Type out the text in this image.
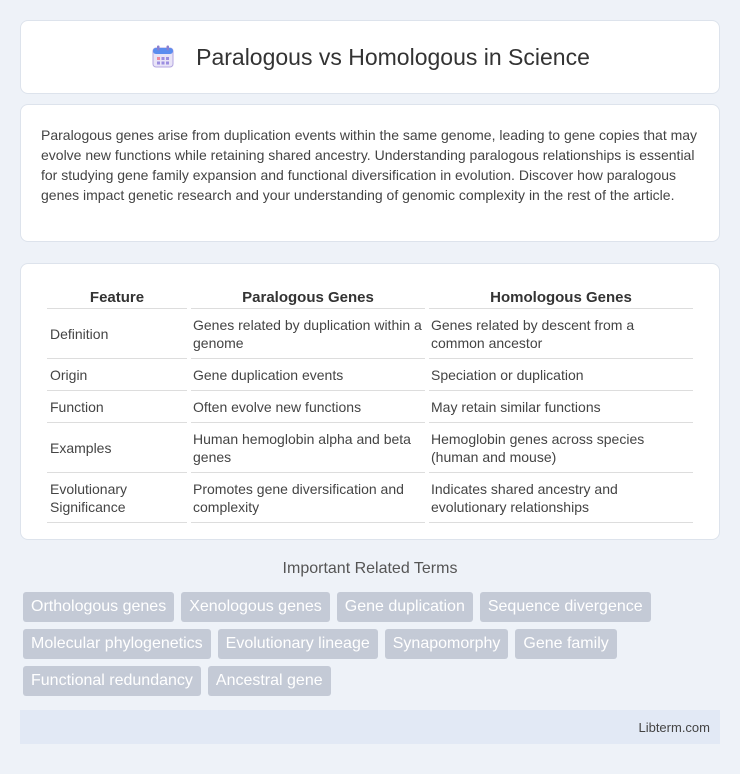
Paralogous vs Homologous in Science

Paralogous genes arise from duplication events within the same genome, leading to gene copies that may evolve new functions while retaining shared ancestry. Understanding paralogous relationships is essential for studying gene family expansion and functional diversification in evolution. Discover how paralogous genes impact genetic research and your understanding of genomic complexity in the rest of the article.

Feature	Paralogous Genes	Homologous Genes
Definition	Genes related by duplication within a genome	Genes related by descent from a common ancestor
Origin	Gene duplication events	Speciation or duplication
Function	Often evolve new functions	May retain similar functions
Examples	Human hemoglobin alpha and beta genes	Hemoglobin genes across species (human and mouse)
Evolutionary Significance	Promotes gene diversification and complexity	Indicates shared ancestry and evolutionary relationships
Important Related Terms
Orthologous genes	Xenologous genes	Gene duplication	Sequence divergence
Molecular phylogenetics	Evolutionary lineage	Synapomorphy	Gene family
Functional redundancy	Ancestral gene
Libterm.com
